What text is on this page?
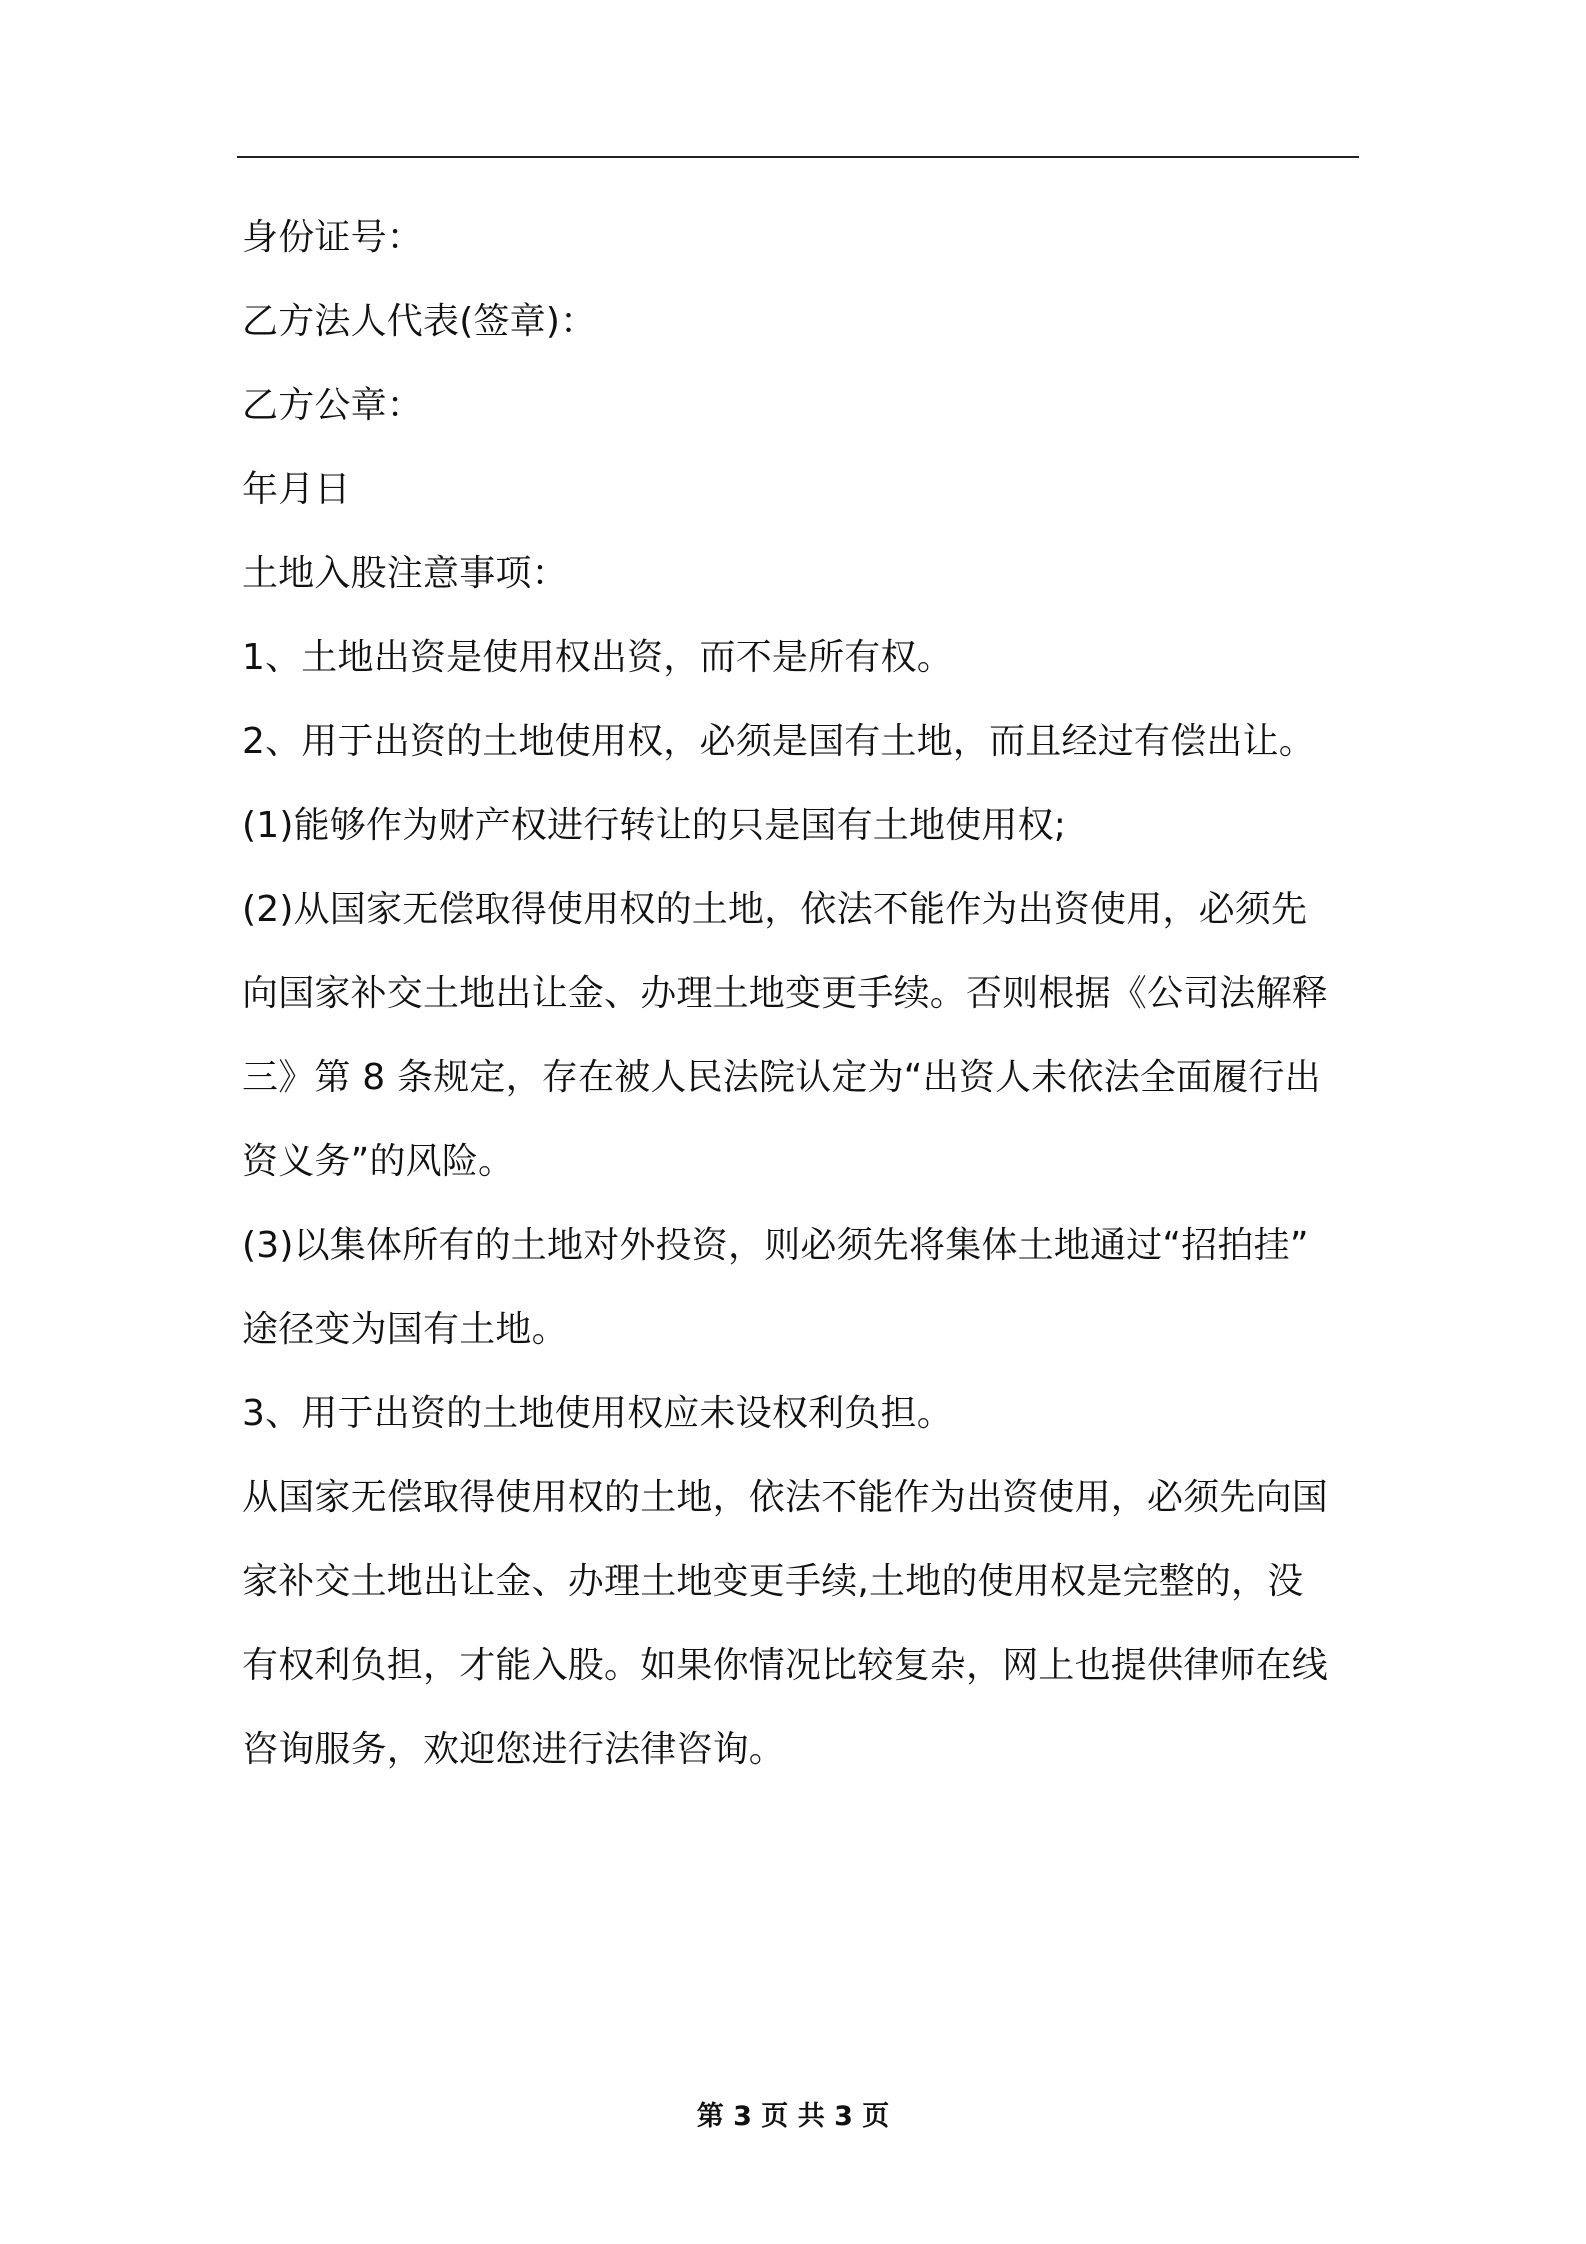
身份证号：
乙方法人代表(签章)：
乙方公章：
年月日
土地入股注意事项：
1、土地出资是使用权出资，而不是所有权。
2、用于出资的土地使用权，必须是国有土地，而且经过有偿出让。
(1)能够作为财产权进行转让的只是国有土地使用权;
(2)从国家无偿取得使用权的土地，依法不能作为出资使用，必须先
向国家补交土地出让金、办理土地变更手续。否则根据《公司法解释
三》第 8 条规定，存在被人民法院认定为“出资人未依法全面履行出
资义务”的风险。
(3)以集体所有的土地对外投资，则必须先将集体土地通过“招拍挂”
途径变为国有土地。
3、用于出资的土地使用权应未设权利负担。
从国家无偿取得使用权的土地，依法不能作为出资使用，必须先向国
家补交土地出让金、办理土地变更手续,土地的使用权是完整的，没
有权利负担，才能入股。如果你情况比较复杂，网上也提供律师在线
咨询服务，欢迎您进行法律咨询。
第 3 页 共 3 页
